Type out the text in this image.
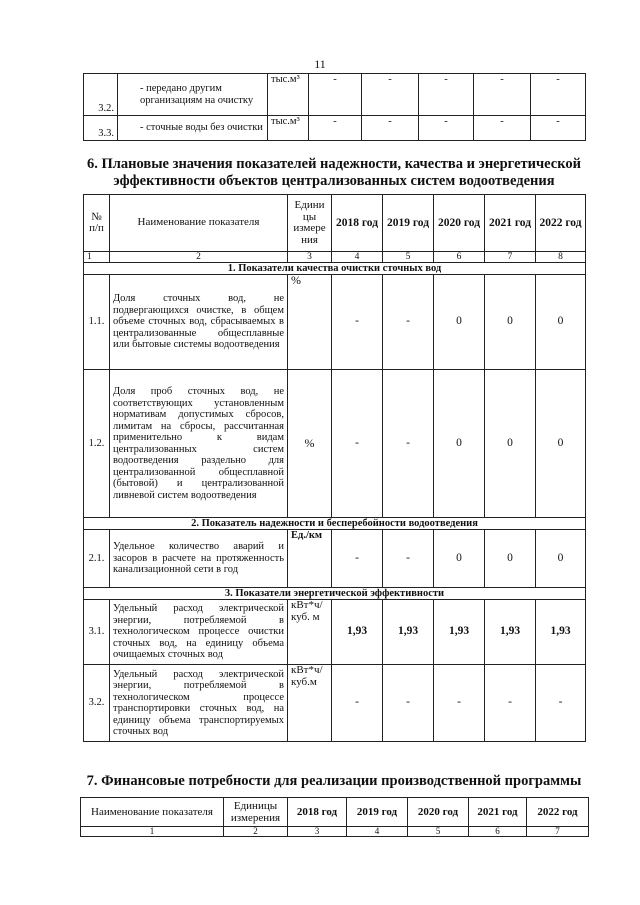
11
3.2.	- передано другим организациям на очистку	тыс.м³	-	-	-	-	-
3.3.	- сточные воды без очистки	тыс.м³	-	-	-	-	-
6. Плановые значения показателей надежности, качества и энергетической
эффективности объектов централизованных систем водоотведения
№ п/п	Наименование показателя	Едини цы измере ния	2018 год	2019 год	2020 год	2021 год	2022 год
1	2	3	4	5	6	7	8
1. Показатели качества очистки сточных вод							
1.1.	Доля сточных вод, не подвергающихся очистке, в общем объеме сточных вод, сбрасываемых в централизованные общесплавные или бытовые системы водоотведения	%	-	-	0	0	0
1.2.	Доля проб сточных вод, не соответствующих установленным нормативам допустимых сбросов, лимитам на сбросы, рассчитанная применительно к видам централизованных систем водоотведения раздельно для централизованной общесплавной (бытовой) и централизованной ливневой систем водоотведения	%	-	-	0	0	0
2. Показатель надежности и бесперебойности водоотведения							
2.1.	Удельное количество аварий и засоров в расчете на протяженность канализационной сети в год	Ед./км	-	-	0	0	0
3. Показатели энергетической эффективности							
3.1.	Удельный расход электрической энергии, потребляемой в технологическом процессе очистки сточных вод, на единицу объема очищаемых сточных вод	кВт*ч/ куб. м	1,93	1,93	1,93	1,93	1,93
3.2.	Удельный расход электрической энергии, потребляемой в технологическом процессе транспортировки сточных вод, на единицу объема транспортируемых сточных вод	кВт*ч/ куб.м	-	-	-	-	-
7. Финансовые потребности для реализации производственной программы
Наименование показателя	Единицы измерения	2018 год	2019 год	2020 год	2021 год	2022 год
1	2	3	4	5	6	7
